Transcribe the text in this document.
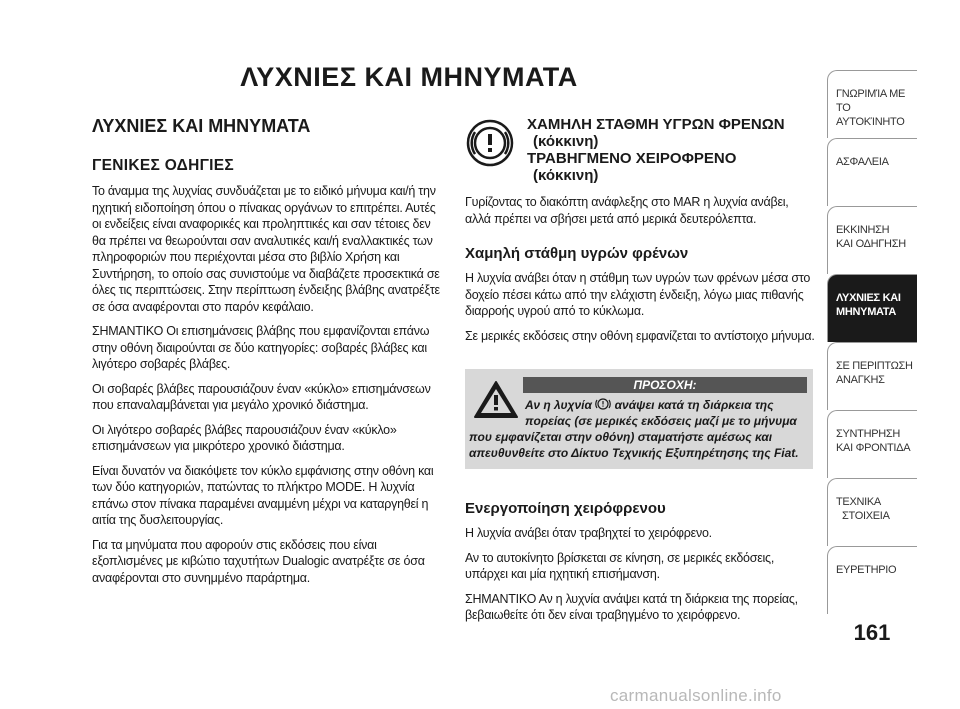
ΛΥΧΝΙΕΣ ΚΑΙ ΜΗΝΥΜΑΤΑ
ΛΥΧΝΙΕΣ ΚΑΙ ΜΗΝΥΜΑΤΑ
ΓΕΝΙΚΕΣ ΟΔΗΓΙΕΣ

Το άναμμα της λυχνίας συνδυάζεται με το ειδικό μήνυμα και/ή την ηχητική ειδοποίηση όπου ο πίνακας οργάνων το επιτρέπει. Αυτές οι ενδείξεις είναι αναφορικές και προληπτικές και σαν τέτοιες δεν θα πρέπει να θεωρούνται σαν αναλυτικές και/ή εναλλακτικές των πληροφοριών που περιέχονται μέσα στο βιβλίο Χρήση και Συντήρηση, το οποίο σας συνιστούμε να διαβάζετε προσεκτικά σε όλες τις περιπτώσεις. Στην περίπτωση ένδειξης βλάβης ανατρέξτε σε όσα αναφέρονται στο παρόν κεφάλαιο.

ΣΗΜΑΝΤΙΚΟ Οι επισημάνσεις βλάβης που εμφανίζονται επάνω στην οθόνη διαιρούνται σε δύο κατηγορίες: σοβαρές βλάβες και λιγότερο σοβαρές βλάβες.

Οι σοβαρές βλάβες παρουσιάζουν έναν «κύκλο» επισημάνσεων που επαναλαμβάνεται για μεγάλο χρονικό διάστημα.

Οι λιγότερο σοβαρές βλάβες παρουσιάζουν έναν «κύκλο» επισημάνσεων για μικρότερο χρονικό διάστημα.

Είναι δυνατόν να διακόψετε τον κύκλο εμφάνισης στην οθόνη και των δύο κατηγοριών, πατώντας το πλήκτρο MODE. Η λυχνία επάνω στον πίνακα παραμένει αναμμένη μέχρι να καταργηθεί η αιτία της δυσλειτουργίας.

Για τα μηνύματα που αφορούν στις εκδόσεις που είναι εξοπλισμένες με κιβώτιο ταχυτήτων Dualogic ανατρέξτε σε όσα αναφέρονται στο συνημμένο παράρτημα.

ΧΑΜΗΛΗ ΣΤΑΘΜΗ ΥΓΡΩΝ ΦΡΕΝΩΝ
(κόκκινη)
ΤΡΑΒΗΓΜΕΝΟ ΧΕΙΡΟΦΡΕΝΟ
(κόκκινη)

Γυρίζοντας το διακόπτη ανάφλεξης στο MAR η λυχνία ανάβει, αλλά πρέπει να σβήσει μετά από μερικά δευτερόλεπτα.

Χαμηλή στάθμη υγρών φρένων

Η λυχνία ανάβει όταν η στάθμη των υγρών των φρένων μέσα στο δοχείο πέσει κάτω από την ελάχιστη ένδειξη, λόγω μιας πιθανής διαρροής υγρού από το κύκλωμα.

Σε μερικές εκδόσεις στην οθόνη εμφανίζεται το αντίστοιχο μήνυμα.

ΠΡΟΣΟΧΗ:
Αν η λυχνία ανάψει κατά τη διάρκεια της
πορείας (σε μερικές εκδόσεις μαζί με το μήνυμα
που εμφανίζεται στην οθόνη) σταματήστε αμέσως και απευθυνθείτε στο Δίκτυο Τεχνικής Εξυπηρέτησης της Fiat.
Ενεργοποίηση χειρόφρενου

Η λυχνία ανάβει όταν τραβηχτεί το χειρόφρενο.

Αν το αυτοκίνητο βρίσκεται σε κίνηση, σε μερικές εκδόσεις, υπάρχει και μία ηχητική επισήμανση.

ΣΗΜΑΝΤΙΚΟ Αν η λυχνία ανάψει κατά τη διάρκεια της πορείας, βεβαιωθείτε ότι δεν είναι τραβηγμένο το χειρόφρενο.

ΓΝΩΡΙΜΊΑ ΜΕ
ΤΟ ΑΥΤΟΚΊΝΗΤΟ
ΑΣΦΑΛΕΙΑ
ΕΚΚΙΝΗΣΗ
ΚΑΙ ΟΔΗΓΗΣΗ
ΛΥΧΝΙΕΣ ΚΑΙ
ΜΗΝΥΜΑΤΑ
ΣΕ ΠΕΡΙΠΤΩΣΗ
ΑΝΑΓΚΗΣ
ΣΥΝΤΗΡΗΣΗ
ΚΑΙ ΦΡΟΝΤΙΔΑ
ΤΕΧΝΙΚΑ
ΣΤΟΙΧΕΙΑ
ΕΥΡΕΤΗΡΙΟ
161
carmanualsonline.info
